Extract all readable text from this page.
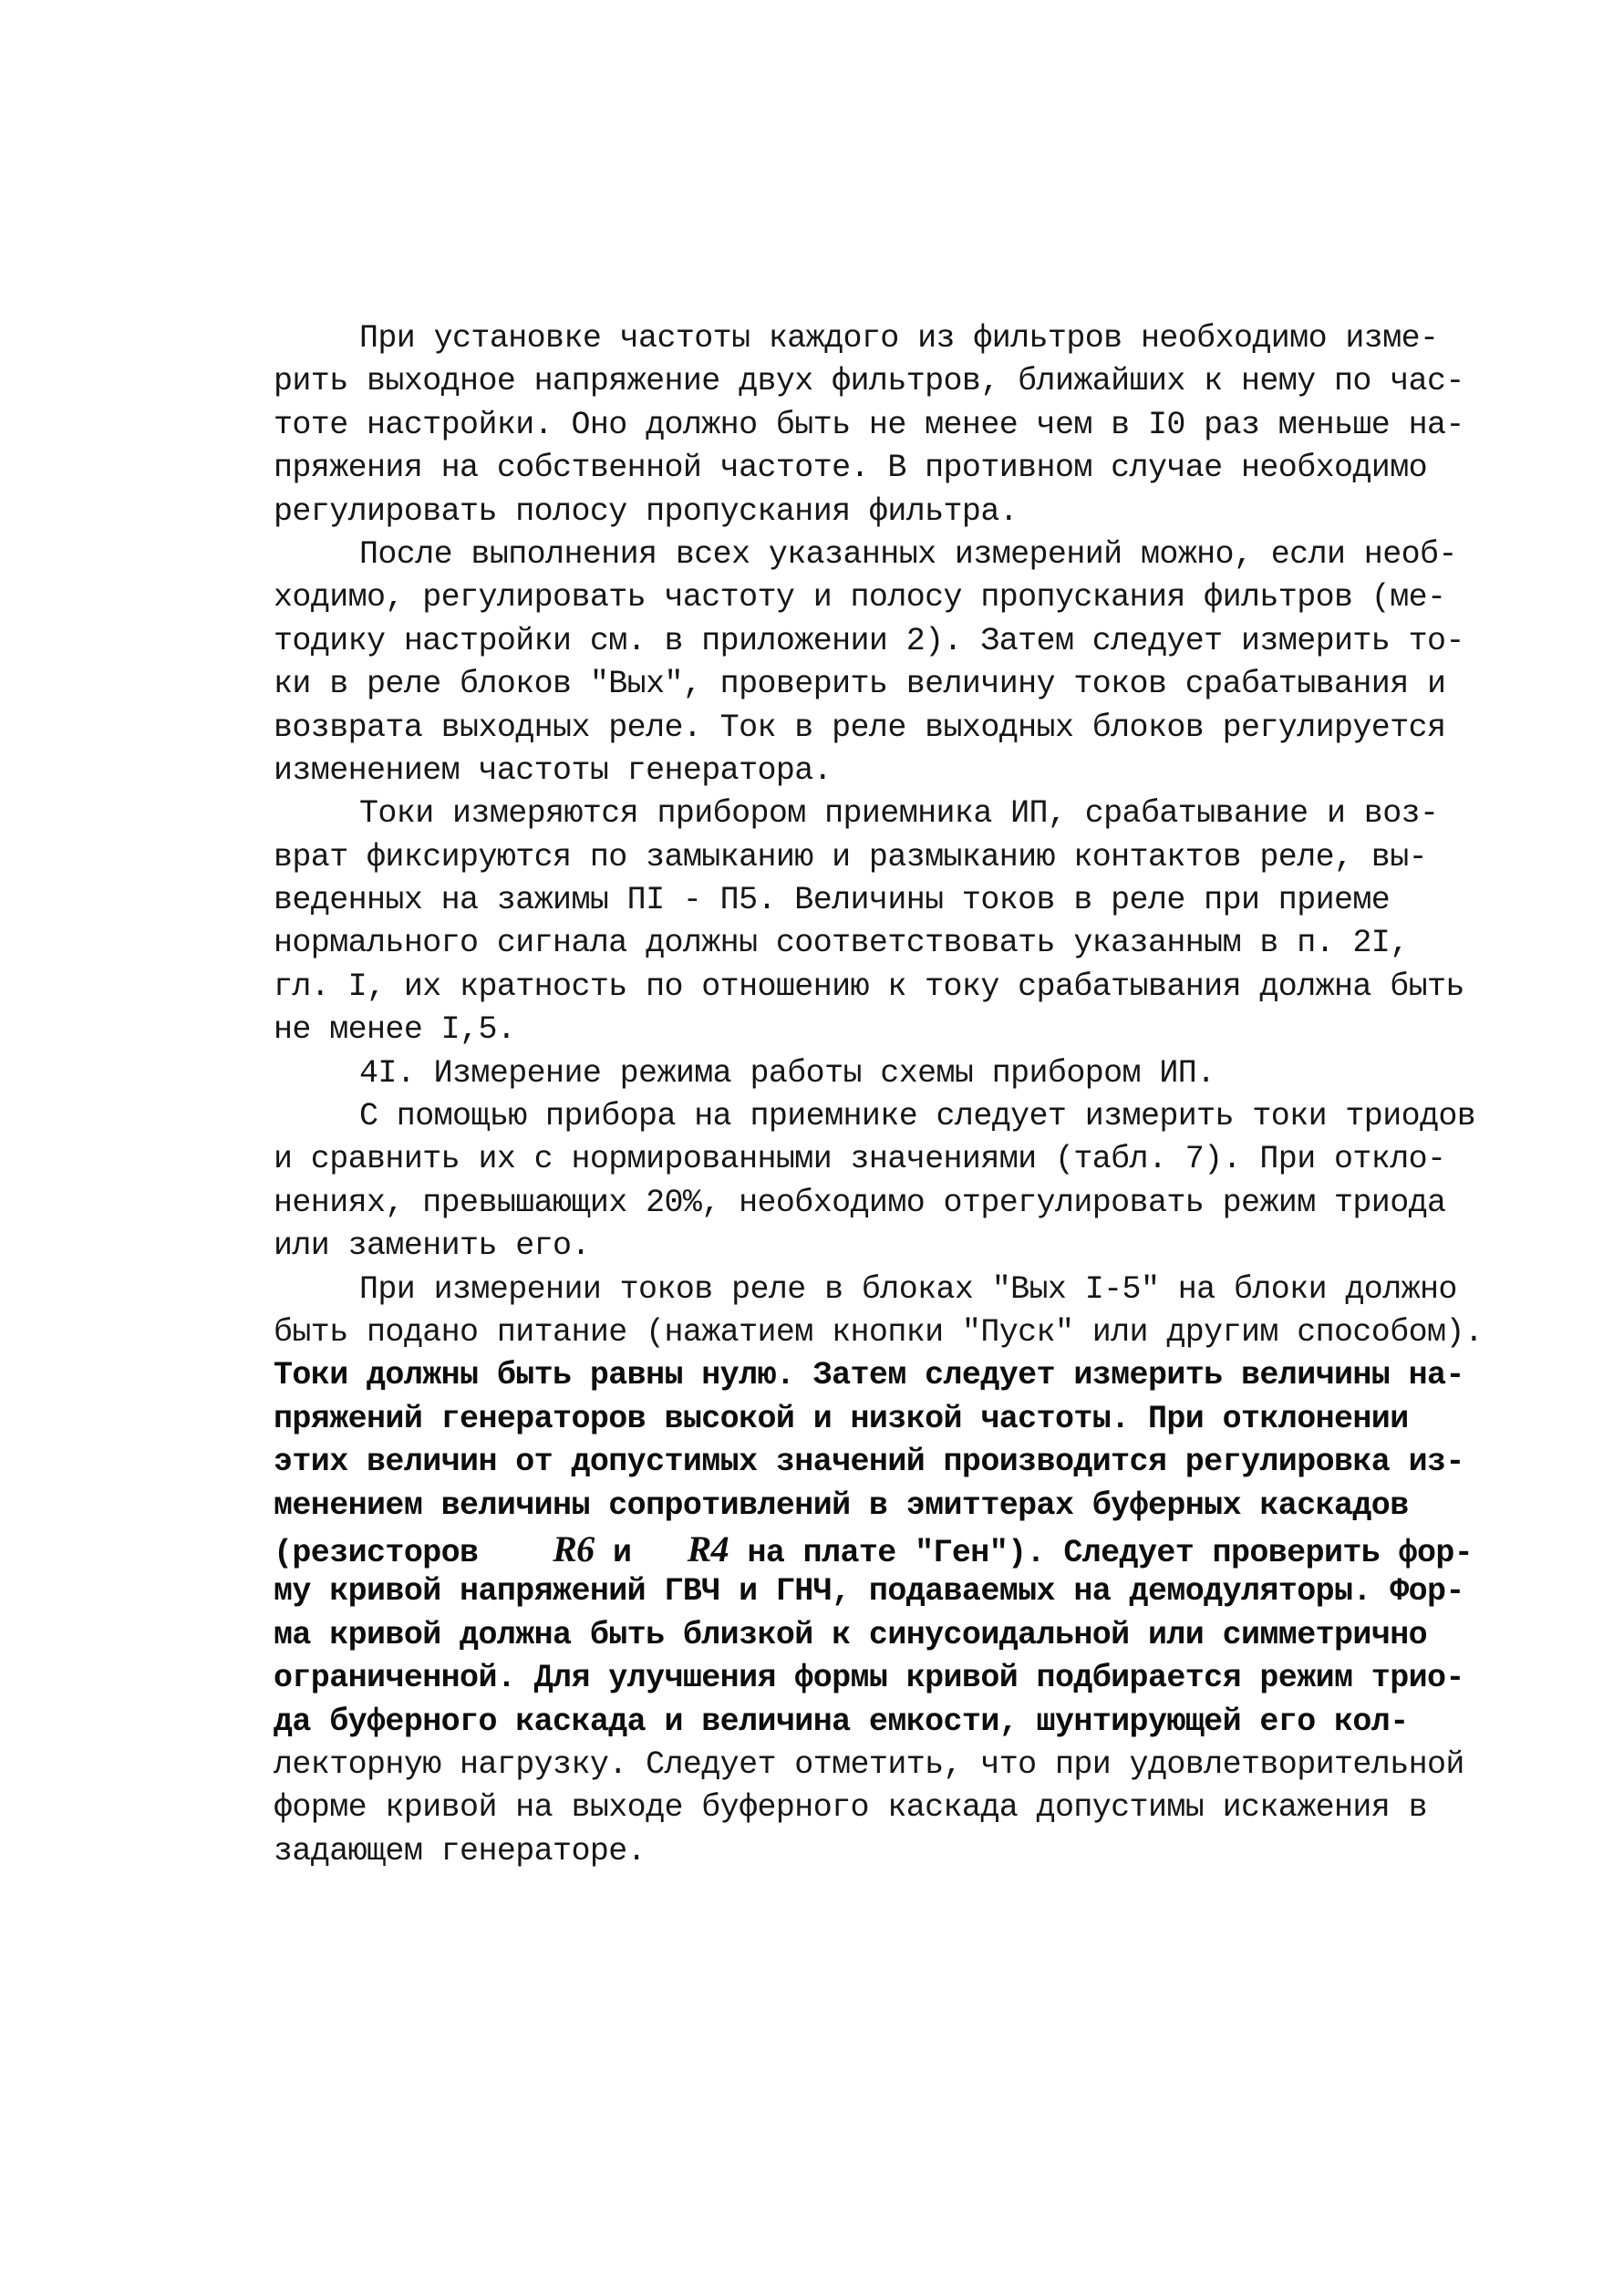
При установке частоты каждого из фильтров необходимо изме-
рить выходное напряжение двух фильтров, ближайших к нему по час-
тоте настройки. Оно должно быть не менее чем в I0 раз меньше на-
пряжения на собственной частоте. В противном случае необходимо
регулировать полосу пропускания фильтра.
После выполнения всех указанных измерений можно, если необ-
ходимо, регулировать частоту и полосу пропускания фильтров (ме-
тодику настройки см. в приложении 2). Затем следует измерить то-
ки в реле блоков "Вых", проверить величину токов срабатывания и
возврата выходных реле. Ток в реле выходных блоков регулируется
изменением частоты генератора.
Токи измеряются прибором приемника ИП, срабатывание и воз-
врат фиксируются по замыканию и размыканию контактов реле, вы-
веденных на зажимы ПI - П5. Величины токов в реле при приеме
нормального сигнала должны соответствовать указанным в п. 2I,
гл. I, их кратность по отношению к току срабатывания должна быть
не менее I,5.
4I. Измерение режима работы схемы прибором ИП.
С помощью прибора на приемнике следует измерить токи триодов
и сравнить их с нормированными значениями (табл. 7). При откло-
нениях, превышающих 20%, необходимо отрегулировать режим триода
или заменить его.
При измерении токов реле в блоках "Вых I-5" на блоки должно
быть подано питание (нажатием кнопки "Пуск" или другим способом).
Токи должны быть равны нулю. Затем следует измерить величины на-
пряжений генераторов высокой и низкой частоты. При отклонении
этих величин от допустимых значений производится регулировка из-
менением величины сопротивлений в эмиттерах буферных каскадов
(резисторов    R6 и   R4 на плате "Ген"). Следует проверить фор-
му кривой напряжений ГВЧ и ГНЧ, подаваемых на демодуляторы. Фор-
ма кривой должна быть близкой к синусоидальной или симметрично
ограниченной. Для улучшения формы кривой подбирается режим трио-
да буферного каскада и величина емкости, шунтирующей его кол-
лекторную нагрузку. Следует отметить, что при удовлетворительной
форме кривой на выходе буферного каскада допустимы искажения в
задающем генераторе.
